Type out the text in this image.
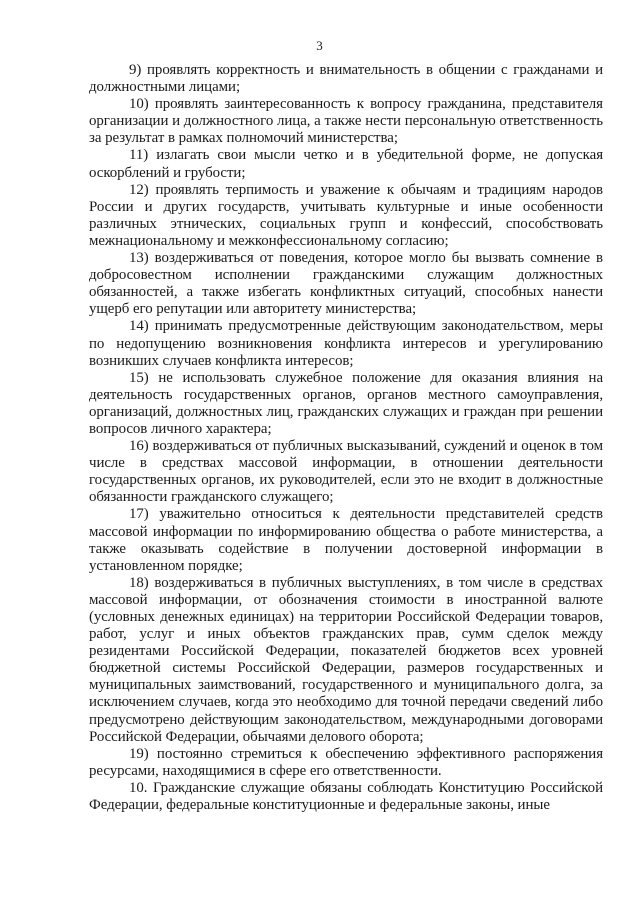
3

9) проявлять корректность и внимательность в общении с гражданами и должностными лицами;

10) проявлять заинтересованность к вопросу гражданина, представителя организации и должностного лица, а также нести персональную ответственность за результат в рамках полномочий министерства;

11) излагать свои мысли четко и в убедительной форме, не допуская оскорблений и грубости;

12) проявлять терпимость и уважение к обычаям и традициям народов России и других государств, учитывать культурные и иные особенности различных этнических, социальных групп и конфессий, способствовать межнациональному и межконфессиональному согласию;

13) воздерживаться от поведения, которое могло бы вызвать сомнение в добросовестном исполнении гражданскими служащим должностных обязанностей, а также избегать конфликтных ситуаций, способных нанести ущерб его репутации или авторитету министерства;

14) принимать предусмотренные действующим законодательством, меры по недопущению возникновения конфликта интересов и урегулированию возникших случаев конфликта интересов;

15) не использовать служебное положение для оказания влияния на деятельность государственных органов, органов местного самоуправления, организаций, должностных лиц, гражданских служащих и граждан при решении вопросов личного характера;

16) воздерживаться от публичных высказываний, суждений и оценок в том числе в средствах массовой информации, в отношении деятельности государственных органов, их руководителей, если это не входит в должностные обязанности гражданского служащего;

17) уважительно относиться к деятельности представителей средств массовой информации по информированию общества о работе министерства, а также оказывать содействие в получении достоверной информации в установленном порядке;

18) воздерживаться в публичных выступлениях, в том числе в средствах массовой информации, от обозначения стоимости в иностранной валюте (условных денежных единицах) на территории Российской Федерации товаров, работ, услуг и иных объектов гражданских прав, сумм сделок между резидентами Российской Федерации, показателей бюджетов всех уровней бюджетной системы Российской Федерации, размеров государственных и муниципальных заимствований, государственного и муниципального долга, за исключением случаев, когда это необходимо для точной передачи сведений либо предусмотрено действующим законодательством, международными договорами Российской Федерации, обычаями делового оборота;

19) постоянно стремиться к обеспечению эффективного распоряжения ресурсами, находящимися в сфере его ответственности.

10. Гражданские служащие обязаны соблюдать Конституцию Российской Федерации, федеральные конституционные и федеральные законы, иные
